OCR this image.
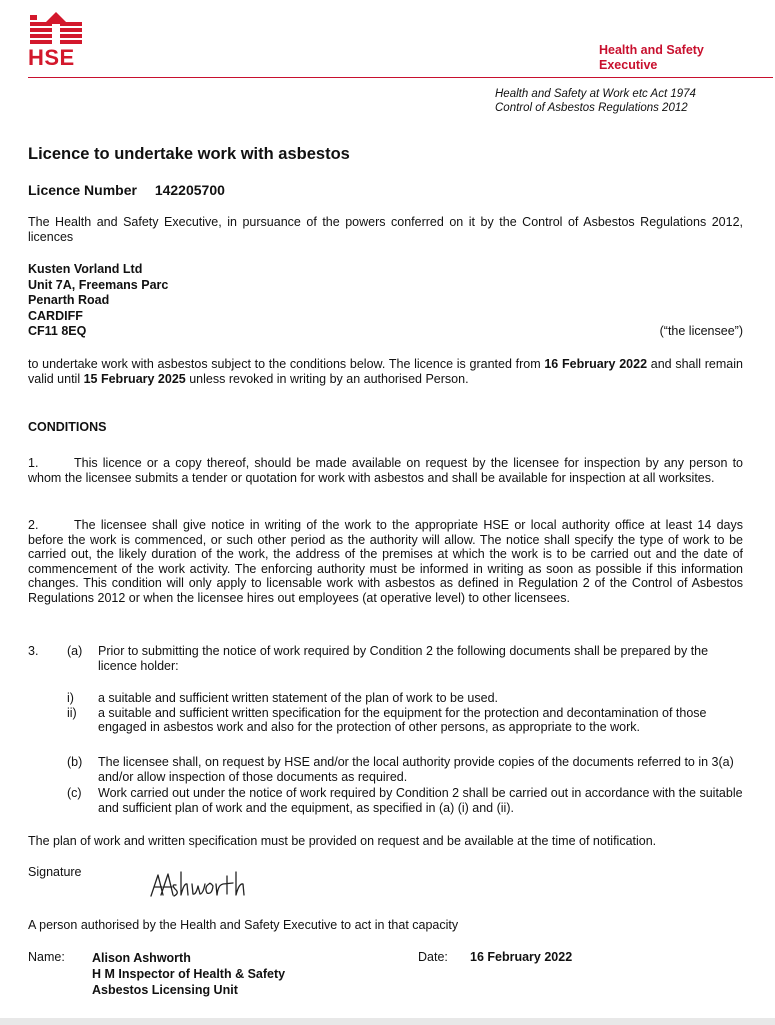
HSE	Health and Safety
Executive
Health and Safety at Work etc Act 1974
Control of Asbestos Regulations 2012
Licence to undertake work with asbestos
Licence Number 142205700
The Health and Safety Executive, in pursuance of the powers conferred on it by the Control of Asbestos Regulations 2012, licences
Kusten Vorland Ltd
Unit 7A, Freemans Parc
Penarth Road
CARDIFF
CF11 8EQ	(“the licensee”)
to undertake work with asbestos subject to the conditions below. The licence is granted from 16 February 2022 and shall remain valid until 15 February 2025 unless revoked in writing by an authorised Person.
CONDITIONS
1.	This licence or a copy thereof, should be made available on request by the licensee for inspection by any person to whom the licensee submits a tender or quotation for work with asbestos and shall be available for inspection at all worksites.
2.	The licensee shall give notice in writing of the work to the appropriate HSE or local authority office at least 14 days before the work is commenced, or such other period as the authority will allow. The notice shall specify the type of work to be carried out, the likely duration of the work, the address of the premises at which the work is to be carried out and the date of commencement of the work activity. The enforcing authority must be informed in writing as soon as possible if this information changes. This condition will only apply to licensable work with asbestos as defined in Regulation 2 of the Control of Asbestos Regulations 2012 or when the licensee hires out employees (at operative level) to other licensees.
3. (a)	Prior to submitting the notice of work required by Condition 2 the following documents shall be prepared by the licence holder:
i)	a suitable and sufficient written statement of the plan of work to be used.
ii)	a suitable and sufficient written specification for the equipment for the protection and decontamination of those engaged in asbestos work and also for the protection of other persons, as appropriate to the work.
(b)	The licensee shall, on request by HSE and/or the local authority provide copies of the documents referred to in 3(a) and/or allow inspection of those documents as required.
(c)	Work carried out under the notice of work required by Condition 2 shall be carried out in accordance with the suitable and sufficient plan of work and the equipment, as specified in (a) (i) and (ii).
The plan of work and written specification must be provided on request and be available at the time of notification.
Signature
A person authorised by the Health and Safety Executive to act in that capacity
Name: Alison Ashworth
H M Inspector of Health & Safety
Asbestos Licensing Unit
Date: 16 February 2022
